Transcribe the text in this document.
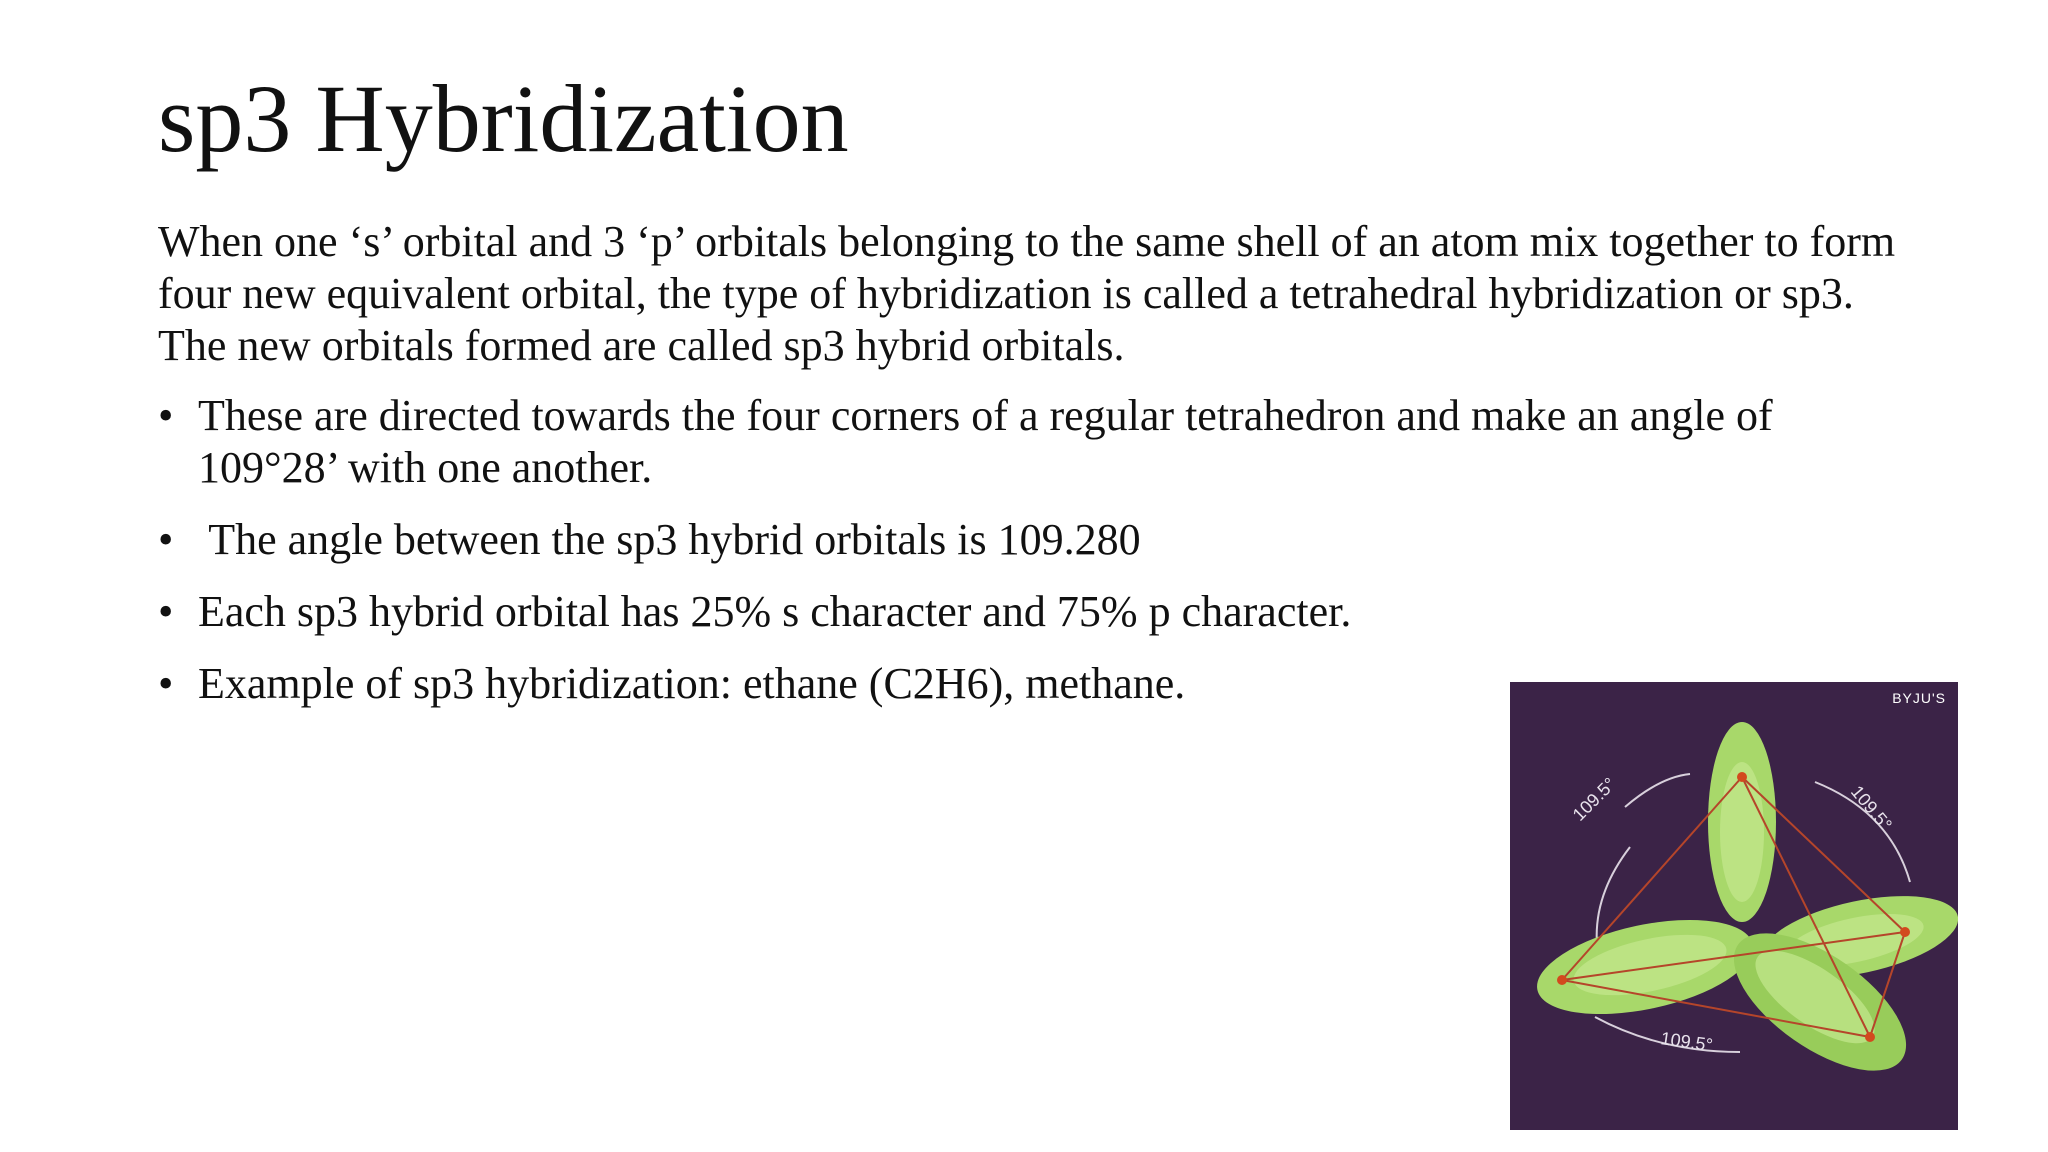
sp3 Hybridization

When one ‘s’ orbital and 3 ‘p’ orbitals belonging to the same shell of an atom mix together to form four new equivalent orbital, the type of hybridization is called a tetrahedral hybridization or sp3. The new orbitals formed are called sp3 hybrid orbitals.

• These are directed towards the four corners of a regular tetrahedron and make an angle of 109°28’ with one another.
• The angle between the sp3 hybrid orbitals is 109.280
• Each sp3 hybrid orbital has 25% s character and 75% p character.
• Example of sp3 hybridization: ethane (C2H6), methane.	BYJU'S
109.5°	109.5°
109.5°
